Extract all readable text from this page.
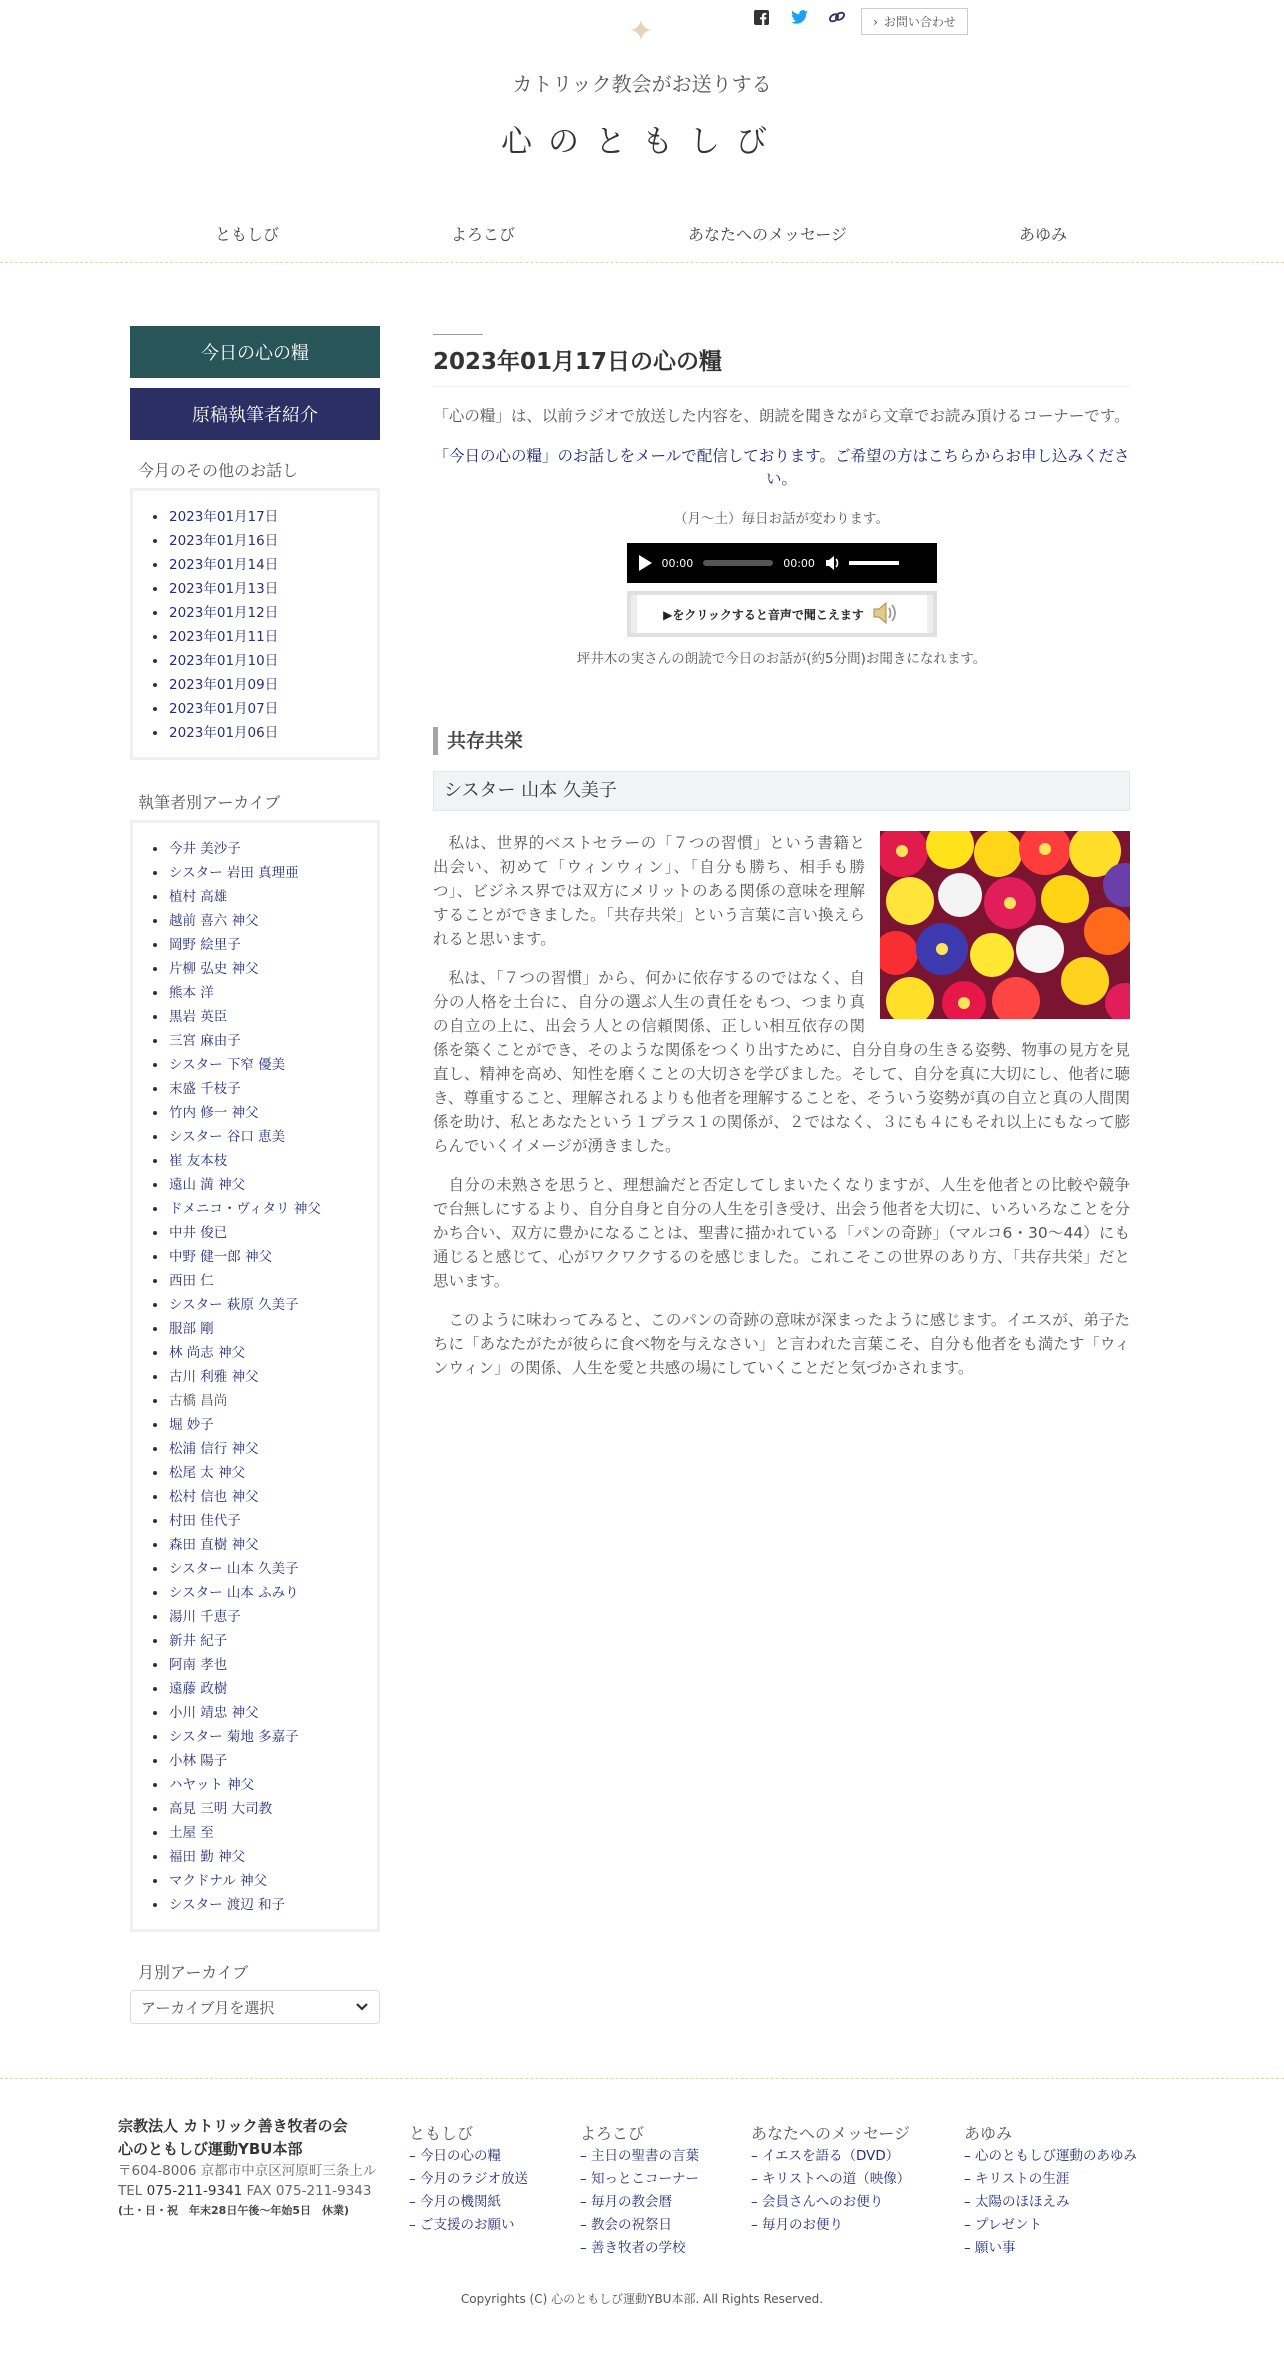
✦	› お問い合わせ
カトリック教会がお送りする
心のともしび
ともしび	よろこび	あなたへのメッセージ	あゆみ
今日の心の糧
原稿執筆者紹介
今月のその他のお話し
2023年01月17日
2023年01月16日
2023年01月14日
2023年01月13日
2023年01月12日
2023年01月11日
2023年01月10日
2023年01月09日
2023年01月07日
2023年01月06日
執筆者別アーカイブ
今井 美沙子
シスター 岩田 真理亜
植村 高雄
越前 喜六 神父
岡野 絵里子
片柳 弘史 神父
熊本 洋
黒岩 英臣
三宮 麻由子
シスター 下窄 優美
末盛 千枝子
竹内 修一 神父
シスター 谷口 恵美
崔 友本枝
遠山 満 神父
ドメニコ・ヴィタリ 神父
中井 俊已
中野 健一郎 神父
西田 仁
シスター 萩原 久美子
服部 剛
林 尚志 神父
古川 利雅 神父
古橋 昌尚
堀 妙子
松浦 信行 神父
松尾 太 神父
松村 信也 神父
村田 佳代子
森田 直樹 神父
シスター 山本 久美子
シスター 山本 ふみり
湯川 千恵子
新井 紀子
阿南 孝也
遠藤 政樹
小川 靖忠 神父
シスター 菊地 多嘉子
小林 陽子
ハヤット 神父
高見 三明 大司教
土屋 至
福田 勤 神父
マクドナル 神父
シスター 渡辺 和子
月別アーカイブ
アーカイブ月を選択
2023年01月17日の心の糧

「心の糧」は、以前ラジオで放送した内容を、朗読を聞きながら文章でお読み頂けるコーナーです。

「今日の心の糧」のお話しをメールで配信しております。ご希望の方はこちらからお申し込みください。

（月～土）毎日お話が変わります。

00:00	00:00
▶をクリックすると音声で聞こえます

坪井木の実さんの朗読で今日のお話が(約5分間)お聞きになれます。

共存共栄
シスター 山本 久美子

私は、世界的ベストセラーの「７つの習慣」という書籍と出会い、初めて「ウィンウィン」、「自分も勝ち、相手も勝つ」、ビジネス界では双方にメリットのある関係の意味を理解することができました。「共存共栄」という言葉に言い換えられると思います。

私は、「７つの習慣」から、何かに依存するのではなく、自分の人格を土台に、自分の選ぶ人生の責任をもつ、つまり真の自立の上に、出会う人との信頼関係、正しい相互依存の関係を築くことができ、そのような関係をつくり出すために、自分自身の生きる姿勢、物事の見方を見直し、精神を高め、知性を磨くことの大切さを学びました。そして、自分を真に大切にし、他者に聴き、尊重すること、理解されるよりも他者を理解することを、そういう姿勢が真の自立と真の人間関係を助け、私とあなたという１プラス１の関係が、２ではなく、３にも４にもそれ以上にもなって膨らんでいくイメージが湧きました。

自分の未熟さを思うと、理想論だと否定してしまいたくなりますが、人生を他者との比較や競争で台無しにするより、自分自身と自分の人生を引き受け、出会う他者を大切に、いろいろなことを分かち合い、双方に豊かになることは、聖書に描かれている「パンの奇跡」（マルコ6・30～44）にも通じると感じて、心がワクワクするのを感じました。これこそこの世界のあり方、「共存共栄」だと思います。

このように味わってみると、このパンの奇跡の意味が深まったように感じます。イエスが、弟子たちに「あなたがたが彼らに食べ物を与えなさい」と言われた言葉こそ、自分も他者をも満たす「ウィンウィン」の関係、人生を愛と共感の場にしていくことだと気づかされます。

宗教法人 カトリック善き牧者の会
心のともしび運動YBU本部
〒604-8006 京都市中京区河原町三条上ル
TEL 075-211-9341 FAX 075-211-9343
(土・日・祝　年末28日午後〜年始5日　休業)
ともしび
– 今日の心の糧
– 今月のラジオ放送
– 今月の機関紙
– ご支援のお願い
よろこび
– 主日の聖書の言葉
– 知っとこコーナー
– 毎月の教会暦
– 教会の祝祭日
– 善き牧者の学校
あなたへのメッセージ
– イエスを語る（DVD）
– キリストへの道（映像）
– 会員さんへのお便り
– 毎月のお便り
あゆみ
– 心のともしび運動のあゆみ
– キリストの生涯
– 太陽のほほえみ
– プレゼント
– 願い事
Copyrights (C) 心のともしび運動YBU本部. All Rights Reserved.
